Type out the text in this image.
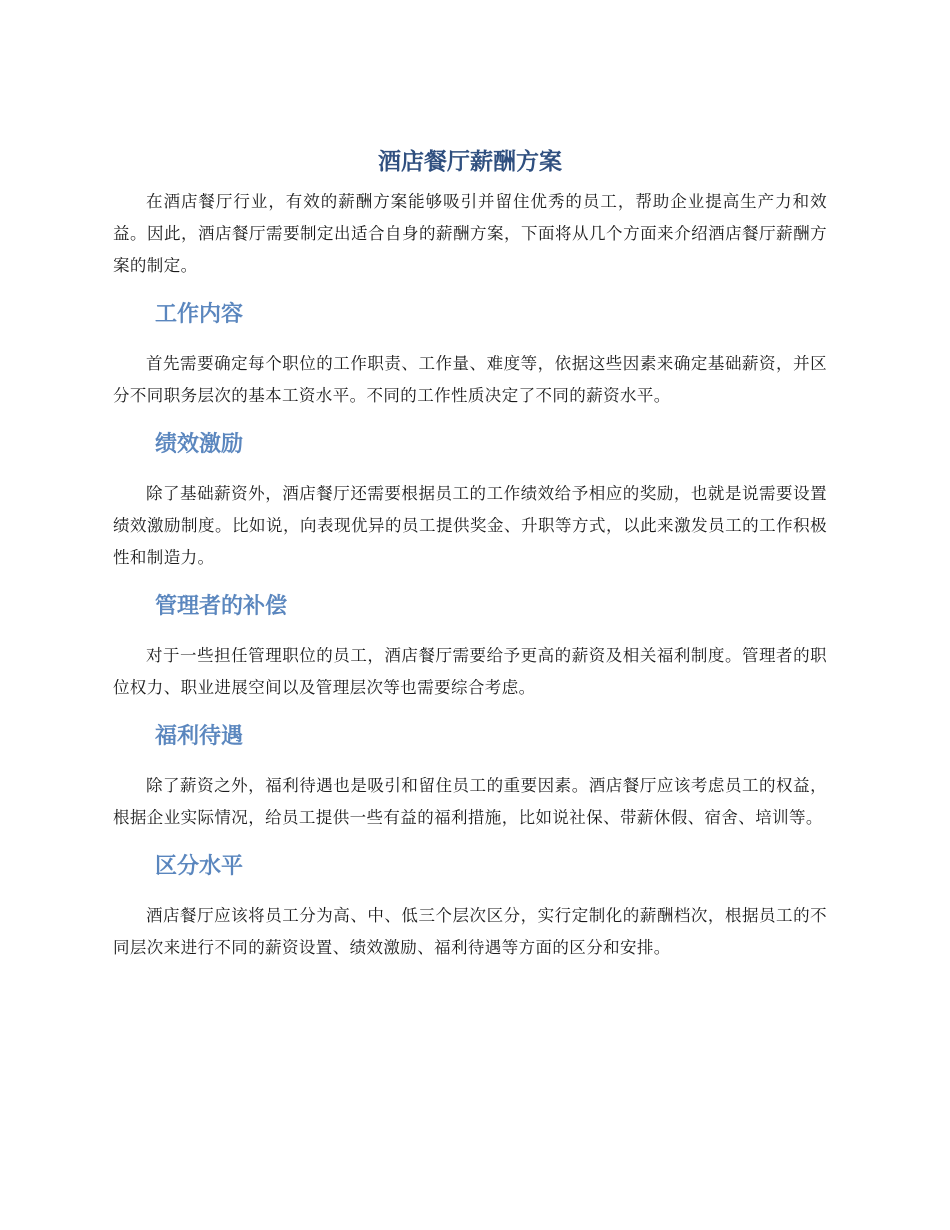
酒店餐厅薪酬方案

在酒店餐厅行业，有效的薪酬方案能够吸引并留住优秀的员工，帮助企业提高生产力和效益。因此，酒店餐厅需要制定出适合自身的薪酬方案，下面将从几个方面来介绍酒店餐厅薪酬方案的制定。

工作内容

首先需要确定每个职位的工作职责、工作量、难度等，依据这些因素来确定基础薪资，并区分不同职务层次的基本工资水平。不同的工作性质决定了不同的薪资水平。

绩效激励

除了基础薪资外，酒店餐厅还需要根据员工的工作绩效给予相应的奖励，也就是说需要设置绩效激励制度。比如说，向表现优异的员工提供奖金、升职等方式，以此来激发员工的工作积极性和制造力。

管理者的补偿

对于一些担任管理职位的员工，酒店餐厅需要给予更高的薪资及相关福利制度。管理者的职位权力、职业进展空间以及管理层次等也需要综合考虑。

福利待遇

除了薪资之外，福利待遇也是吸引和留住员工的重要因素。酒店餐厅应该考虑员工的权益，根据企业实际情况，给员工提供一些有益的福利措施，比如说社保、带薪休假、宿舍、培训等。

区分水平

酒店餐厅应该将员工分为高、中、低三个层次区分，实行定制化的薪酬档次，根据员工的不同层次来进行不同的薪资设置、绩效激励、福利待遇等方面的区分和安排。
